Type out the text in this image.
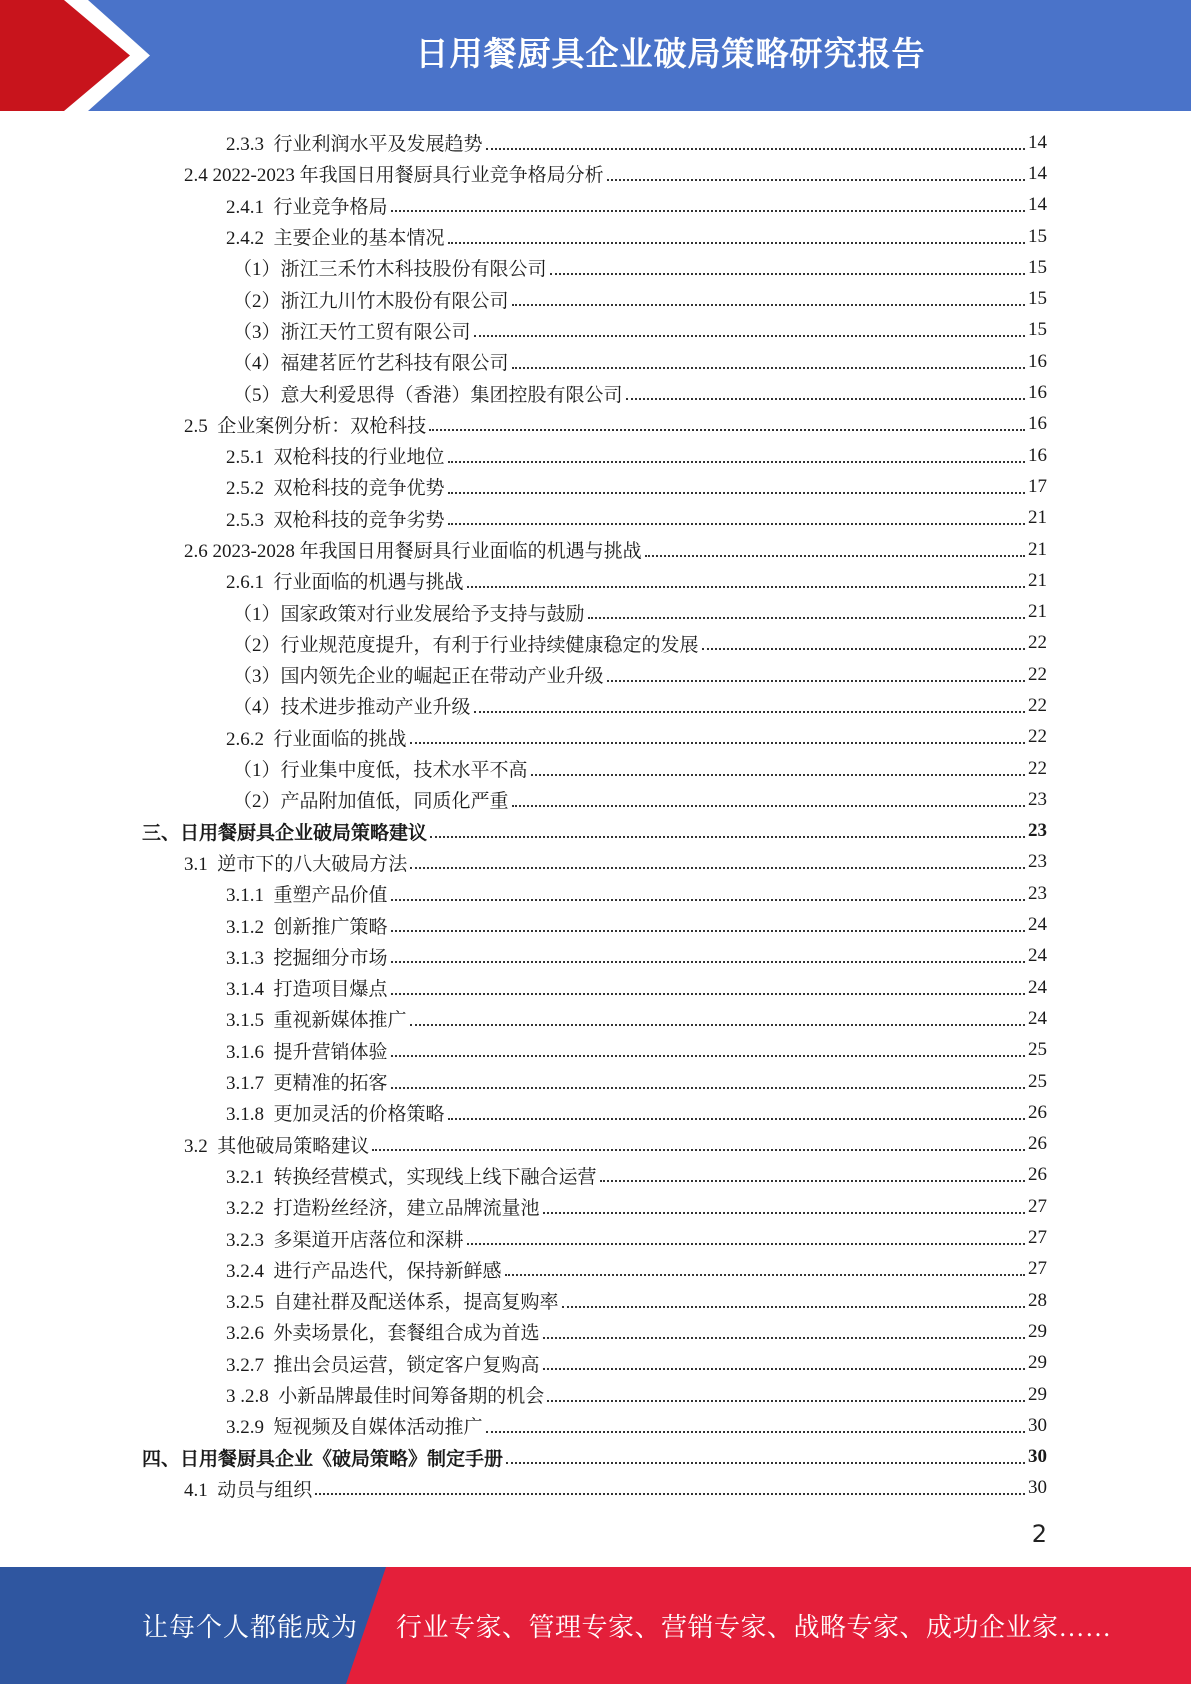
日用餐厨具企业破局策略研究报告
2.3.3  行业利润水平及发展趋势	14
2.4 2022-2023 年我国日用餐厨具行业竞争格局分析	14
2.4.1  行业竞争格局	14
2.4.2  主要企业的基本情况	15
（1）浙江三禾竹木科技股份有限公司	15
（2）浙江九川竹木股份有限公司	15
（3）浙江天竹工贸有限公司	15
（4）福建茗匠竹艺科技有限公司	16
（5）意大利爱思得（香港）集团控股有限公司	16
2.5  企业案例分析：双枪科技	16
2.5.1  双枪科技的行业地位	16
2.5.2  双枪科技的竞争优势	17
2.5.3  双枪科技的竞争劣势	21
2.6 2023-2028 年我国日用餐厨具行业面临的机遇与挑战	21
2.6.1  行业面临的机遇与挑战	21
（1）国家政策对行业发展给予支持与鼓励	21
（2）行业规范度提升，有利于行业持续健康稳定的发展	22
（3）国内领先企业的崛起正在带动产业升级	22
（4）技术进步推动产业升级	22
2.6.2  行业面临的挑战	22
（1）行业集中度低，技术水平不高	22
（2）产品附加值低，同质化严重	23
三、日用餐厨具企业破局策略建议	23
3.1  逆市下的八大破局方法	23
3.1.1  重塑产品价值	23
3.1.2  创新推广策略	24
3.1.3  挖掘细分市场	24
3.1.4  打造项目爆点	24
3.1.5  重视新媒体推广	24
3.1.6  提升营销体验	25
3.1.7  更精准的拓客	25
3.1.8  更加灵活的价格策略	26
3.2  其他破局策略建议	26
3.2.1  转换经营模式，实现线上线下融合运营	26
3.2.2  打造粉丝经济，建立品牌流量池	27
3.2.3  多渠道开店落位和深耕	27
3.2.4  进行产品迭代，保持新鲜感	27
3.2.5  自建社群及配送体系，提高复购率	28
3.2.6  外卖场景化，套餐组合成为首选	29
3.2.7  推出会员运营，锁定客户复购高	29
3 .2.8  小新品牌最佳时间筹备期的机会	29
3.2.9  短视频及自媒体活动推广	30
四、日用餐厨具企业《破局策略》制定手册	30
4.1  动员与组织	30
2
让每个人都能成为 行业专家、管理专家、营销专家、战略专家、成功企业家……
